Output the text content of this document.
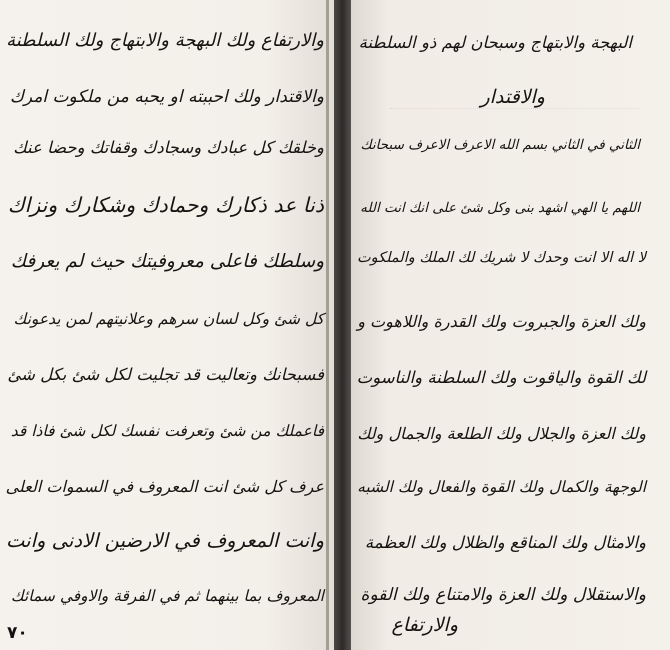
والارتفاع ولك البهجة والابتهاج ولك السلطنة
والاقتدار ولك احببته او يحبه من ملكوت امرك
وخلقك كل عبادك وسجادك وقفاتك وحضا عنك
ذنا عد ذكارك وحمادك وشكارك ونزاك
وسلطك فاعلى معروفيتك حيث لم يعرفك
كل شئ وكل لسان سرهم وعلانيتهم لمن يدعونك
فسبحانك وتعاليت قد تجليت لكل شئ بكل شئ
فاعملك من شئ وتعرفت نفسك لكل شئ فاذا قد
عرف كل شئ انت المعروف في السموات العلى
وانت المعروف في الارضين الادنى وانت
المعروف بما بينهما ثم في الفرقة والاوفي سمائك
٧٠
البهجة والابتهاج وسبحان لهم ذو السلطنة
والاقتدار
الثاني في الثاني بسم الله الاعرف الاعرف سبحانك
اللهم يا الهي اشهد بنى وكل شئ على انك انت الله
لا اله الا انت وحدك لا شريك لك الملك والملكوت
ولك العزة والجبروت ولك القدرة واللاهوت و
لك القوة والياقوت ولك السلطنة والناسوت
ولك العزة والجلال ولك الطلعة والجمال ولك
الوجهة والكمال ولك القوة والفعال ولك الشبه
والامثال ولك المناقع والظلال ولك العظمة
والاستقلال ولك العزة والامتناع ولك القوة
والارتفاع
